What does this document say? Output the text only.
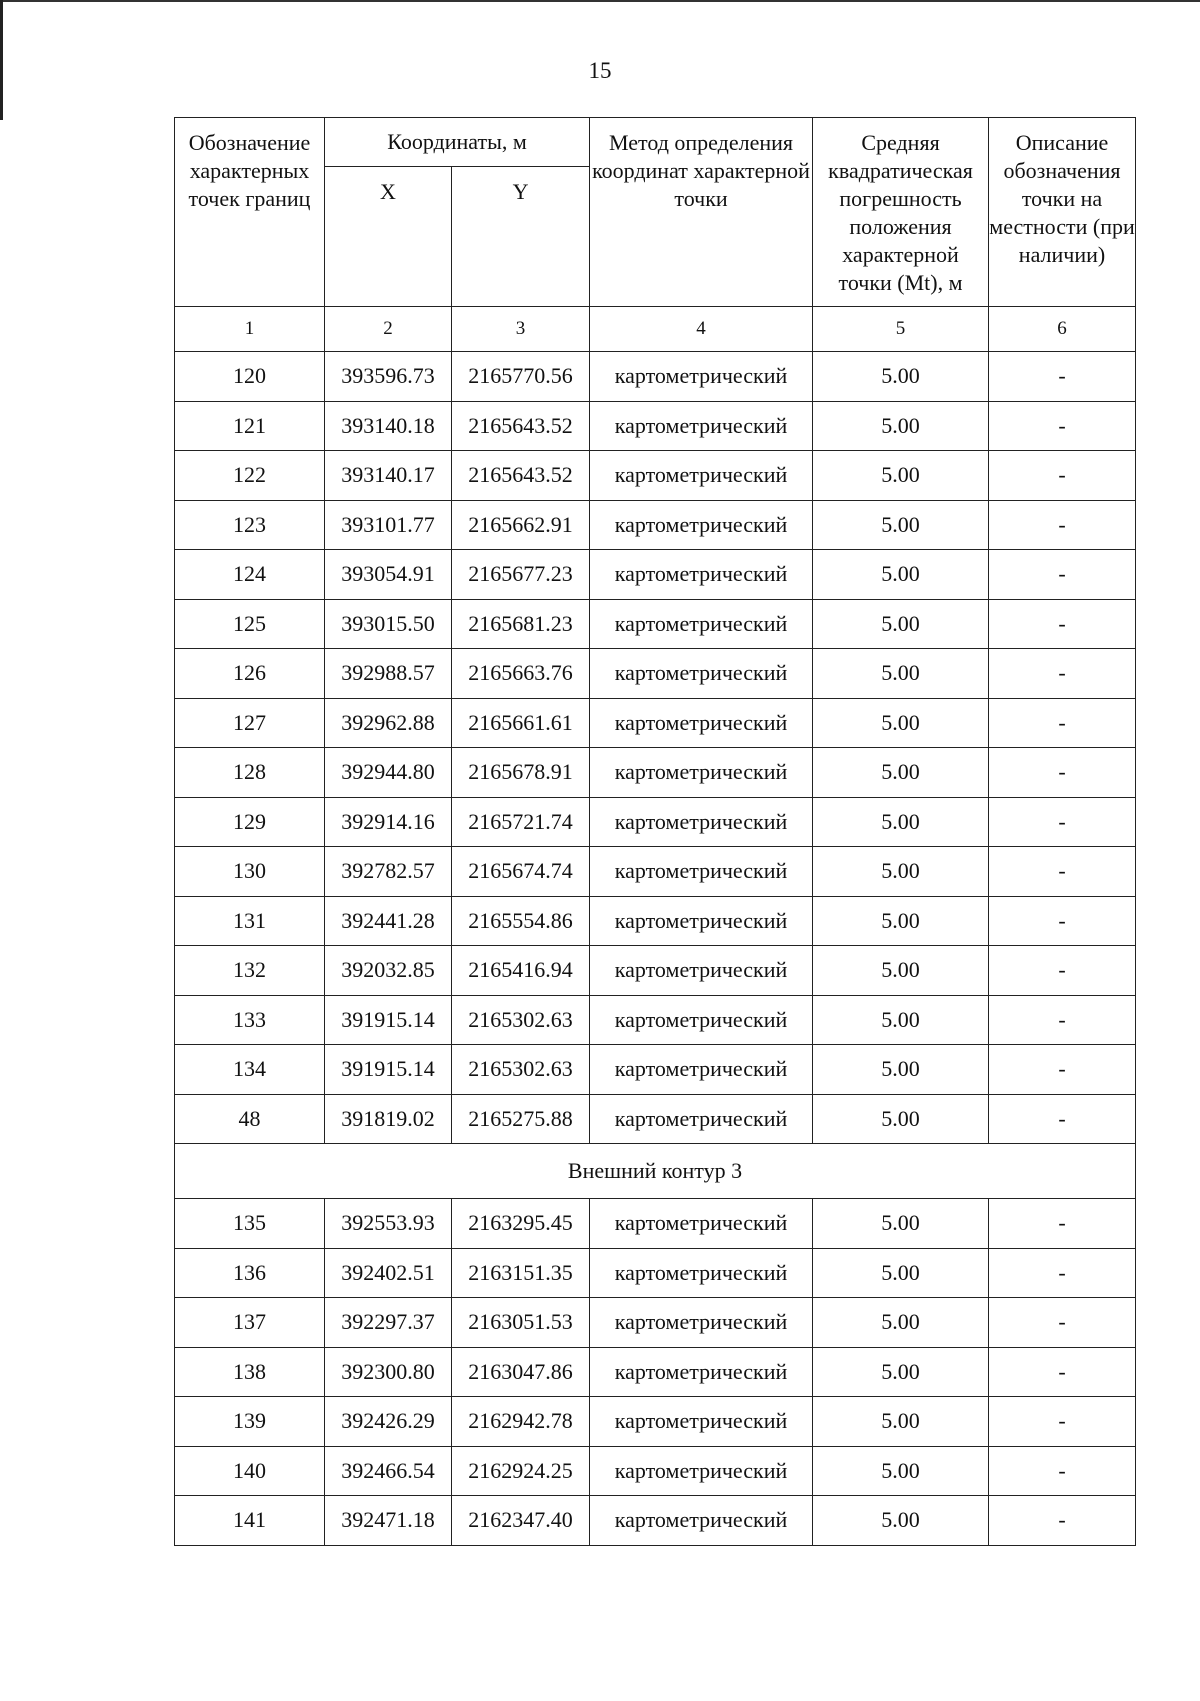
15
Обозначение характерных точек границ	Координаты, м		Метод определения координат характерной точки	Средняя квадратическая погрешность положения характерной точки (Mt), м	Описание обозначения точки на местности (при наличии)
	X	Y			
1	2	3	4	5	6
120	393596.73	2165770.56	картометрический	5.00	-
121	393140.18	2165643.52	картометрический	5.00	-
122	393140.17	2165643.52	картометрический	5.00	-
123	393101.77	2165662.91	картометрический	5.00	-
124	393054.91	2165677.23	картометрический	5.00	-
125	393015.50	2165681.23	картометрический	5.00	-
126	392988.57	2165663.76	картометрический	5.00	-
127	392962.88	2165661.61	картометрический	5.00	-
128	392944.80	2165678.91	картометрический	5.00	-
129	392914.16	2165721.74	картометрический	5.00	-
130	392782.57	2165674.74	картометрический	5.00	-
131	392441.28	2165554.86	картометрический	5.00	-
132	392032.85	2165416.94	картометрический	5.00	-
133	391915.14	2165302.63	картометрический	5.00	-
134	391915.14	2165302.63	картометрический	5.00	-
48	391819.02	2165275.88	картометрический	5.00	-
Внешний контур 3					
135	392553.93	2163295.45	картометрический	5.00	-
136	392402.51	2163151.35	картометрический	5.00	-
137	392297.37	2163051.53	картометрический	5.00	-
138	392300.80	2163047.86	картометрический	5.00	-
139	392426.29	2162942.78	картометрический	5.00	-
140	392466.54	2162924.25	картометрический	5.00	-
141	392471.18	2162347.40	картометрический	5.00	-
